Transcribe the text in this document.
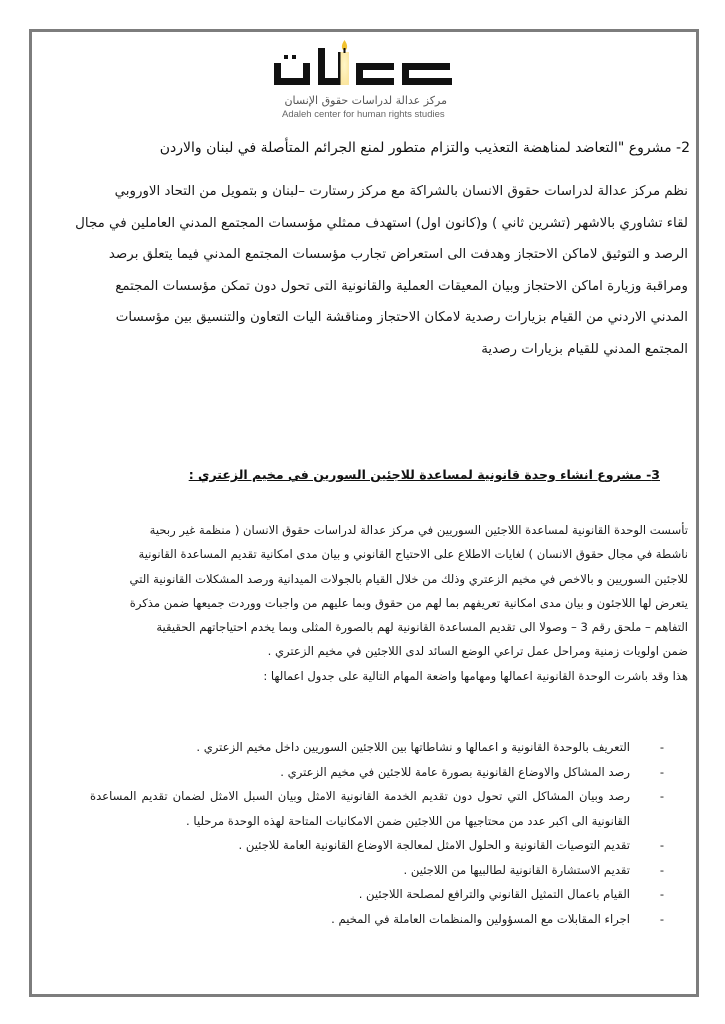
مركز عدالة لدراسات حقوق الإنسان
Adaleh center for human rights studies
2- مشروع "التعاضد لمناهضة التعذيب والتزام متطور لمنع الجرائم المتأصلة في لبنان والاردن

نظم مركز عدالة لدراسات حقوق الانسان بالشراكة مع مركز رستارت –لبنان و بتمويل من التحاد الاوروبي
لقاء تشاوري بالاشهر (تشرين ثاني ) و(كانون اول) استهدف ممثلي مؤسسات المجتمع المدني العاملين في مجال
الرصد و التوثيق لاماكن الاحتجاز وهدفت الى استعراض تجارب مؤسسات المجتمع المدني فيما يتعلق برصد
ومراقبة وزيارة اماكن الاحتجاز وبيان المعيقات العملية والقانونية التى تحول دون تمكن مؤسسات المجتمع
المدني الاردني من القيام بزيارات رصدية لامكان الاحتجاز ومناقشة اليات التعاون والتنسيق بين مؤسسات
المجتمع المدني للقيام بزيارات رصدية

3- مشروع انشاء وحدة قانونية لمساعدة للاجئين السورين في مخيم الزعتري :

تأسست الوحدة القانونية لمساعدة اللاجئين السوريين في مركز عدالة لدراسات حقوق الانسان ( منظمة غير ربحية
ناشطة في مجال حقوق الانسان ) لغايات الاطلاع على الاحتياج القانوني و بيان مدى امكانية تقديم المساعدة القانونية
للاجئين السوريين و بالاخص في مخيم الزعتري وذلك من خلال القيام بالجولات الميدانية ورصد المشكلات القانونية التي
يتعرض لها اللاجئون و بيان مدى امكانية تعريفهم بما لهم من حقوق وبما عليهم من واجبات ووردت جميعها ضمن مذكرة
التفاهم – ملحق رقم 3 – وصولا الى تقديم المساعدة القانونية لهم بالصورة المثلى وبما يخدم احتياجاتهم الحقيقية
ضمن اولويات زمنية ومراحل عمل تراعي الوضع السائد لدى اللاجئين في مخيم الزعتري .

هذا وقد باشرت الوحدة القانونية اعمالها ومهامها واضعة المهام التالية على جدول اعمالها :
-
التعريف بالوحدة القانونية و اعمالها و نشاطاتها بين اللاجئين السوريين داخل مخيم الزعتري .
-
رصد المشاكل والاوضاع القانونية بصورة عامة للاجئين في مخيم الزعتري .
-
رصد وبيان المشاكل التي تحول دون تقديم الخدمة القانونية الامثل وبيان السبل الامثل لضمان تقديم المساعدة القانونية الى اكبر عدد من محتاجيها من اللاجئين ضمن الامكانيات المتاحة لهذه الوحدة مرحليا .
-
تقديم التوصيات القانونية و الحلول الامثل لمعالجة الاوضاع القانونية العامة للاجئين .
-
تقديم الاستشارة القانونية لطالبيها من اللاجئين .
-
القيام باعمال التمثيل القانوني والترافع لمصلحة اللاجئين .
-
اجراء المقابلات مع المسؤولين والمنظمات العاملة في المخيم .
